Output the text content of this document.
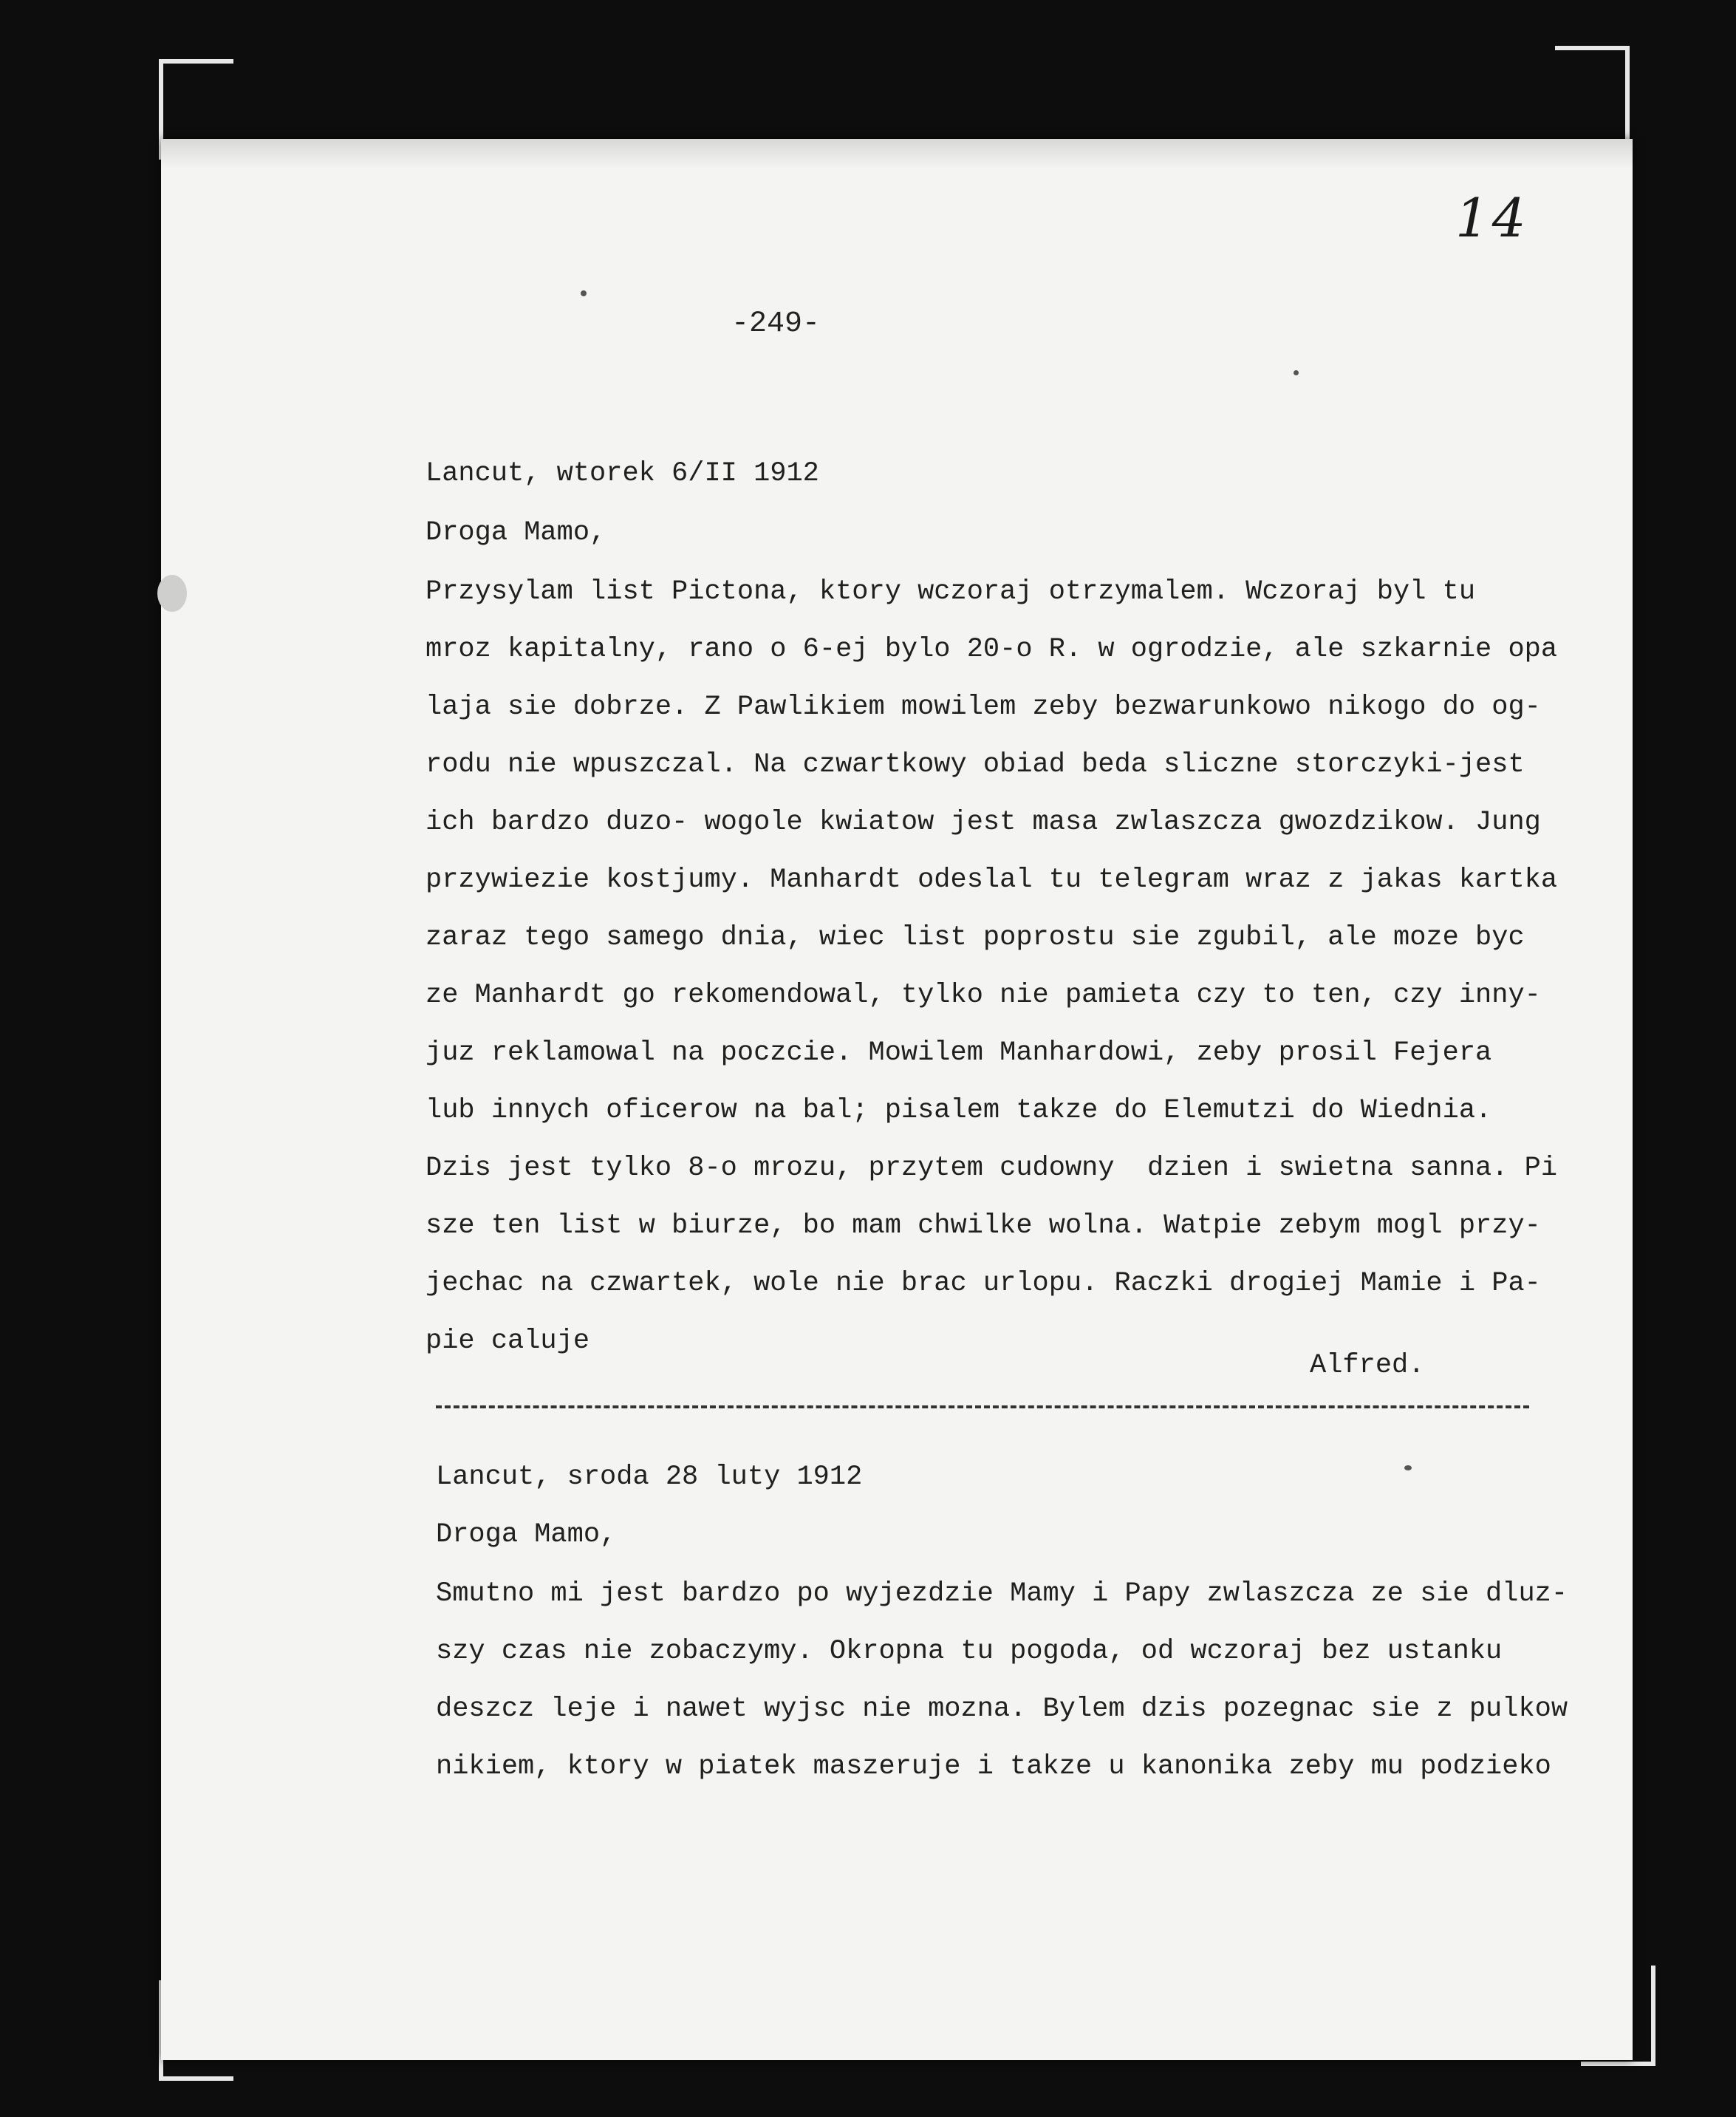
14
-249-
Lancut, wtorek 6/II 1912
Droga Mamo,
Przysylam list Pictona, ktory wczoraj otrzymalem. Wczoraj byl tu
mroz kapitalny, rano o 6-ej bylo 20-o R. w ogrodzie, ale szkarnie opa
laja sie dobrze. Z Pawlikiem mowilem zeby bezwarunkowo nikogo do og-
rodu nie wpuszczal. Na czwartkowy obiad beda sliczne storczyki-jest
ich bardzo duzo- wogole kwiatow jest masa zwlaszcza gwozdzikow. Jung
przywiezie kostjumy. Manhardt odeslal tu telegram wraz z jakas kartka
zaraz tego samego dnia, wiec list poprostu sie zgubil, ale moze byc
ze Manhardt go rekomendowal, tylko nie pamieta czy to ten, czy inny-
juz reklamowal na poczcie. Mowilem Manhardowi, zeby prosil Fejera
lub innych oficerow na bal; pisalem takze do Elemutzi do Wiednia.
Dzis jest tylko 8-o mrozu, przytem cudowny  dzien i swietna sanna. Pi
sze ten list w biurze, bo mam chwilke wolna. Watpie zebym mogl przy-
jechac na czwartek, wole nie brac urlopu. Raczki drogiej Mamie i Pa-
pie caluje
Alfred.
Lancut, sroda 28 luty 1912
Droga Mamo,
Smutno mi jest bardzo po wyjezdzie Mamy i Papy zwlaszcza ze sie dluz-
szy czas nie zobaczymy. Okropna tu pogoda, od wczoraj bez ustanku
deszcz leje i nawet wyjsc nie mozna. Bylem dzis pozegnac sie z pulkow
nikiem, ktory w piatek maszeruje i takze u kanonika zeby mu podzieko
